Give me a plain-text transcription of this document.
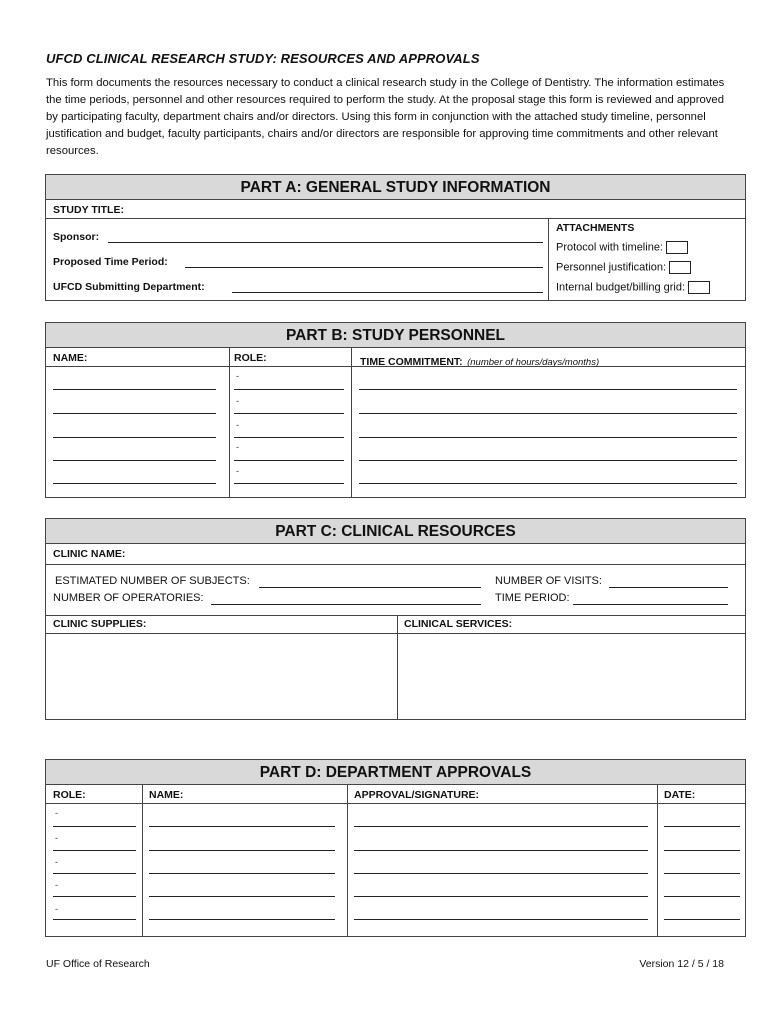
UFCD CLINICAL RESEARCH STUDY: RESOURCES AND APPROVALS
This form documents the resources necessary to conduct a clinical research study in the College of Dentistry. The information estimates the time periods, personnel and other resources required to perform the study. At the proposal stage this form is reviewed and approved by participating faculty, department chairs and/or directors. Using this form in conjunction with the attached study timeline, personnel justification and budget, faculty participants, chairs and/or directors are responsible for approving time commitments and other relevant resources.
PART A: GENERAL STUDY INFORMATION
STUDY TITLE:
Sponsor:
Proposed Time Period:
UFCD Submitting Department:
ATTACHMENTS
Protocol with timeline:
Personnel justification:
Internal budget/billing grid:
PART B: STUDY PERSONNEL
NAME:	ROLE:	TIME COMMITMENT: (number of hours/days/months)
-
-
-
-
-
PART C: CLINICAL RESOURCES
CLINIC NAME:
ESTIMATED NUMBER OF SUBJECTS:
NUMBER OF OPERATORIES:
NUMBER OF VISITS:
TIME PERIOD:
CLINIC SUPPLIES:	CLINICAL SERVICES:
PART D: DEPARTMENT APPROVALS
ROLE:	NAME:	APPROVAL/SIGNATURE:	DATE:
-
-
-
-
-
UF Office of Research	Version 12 / 5 / 18
